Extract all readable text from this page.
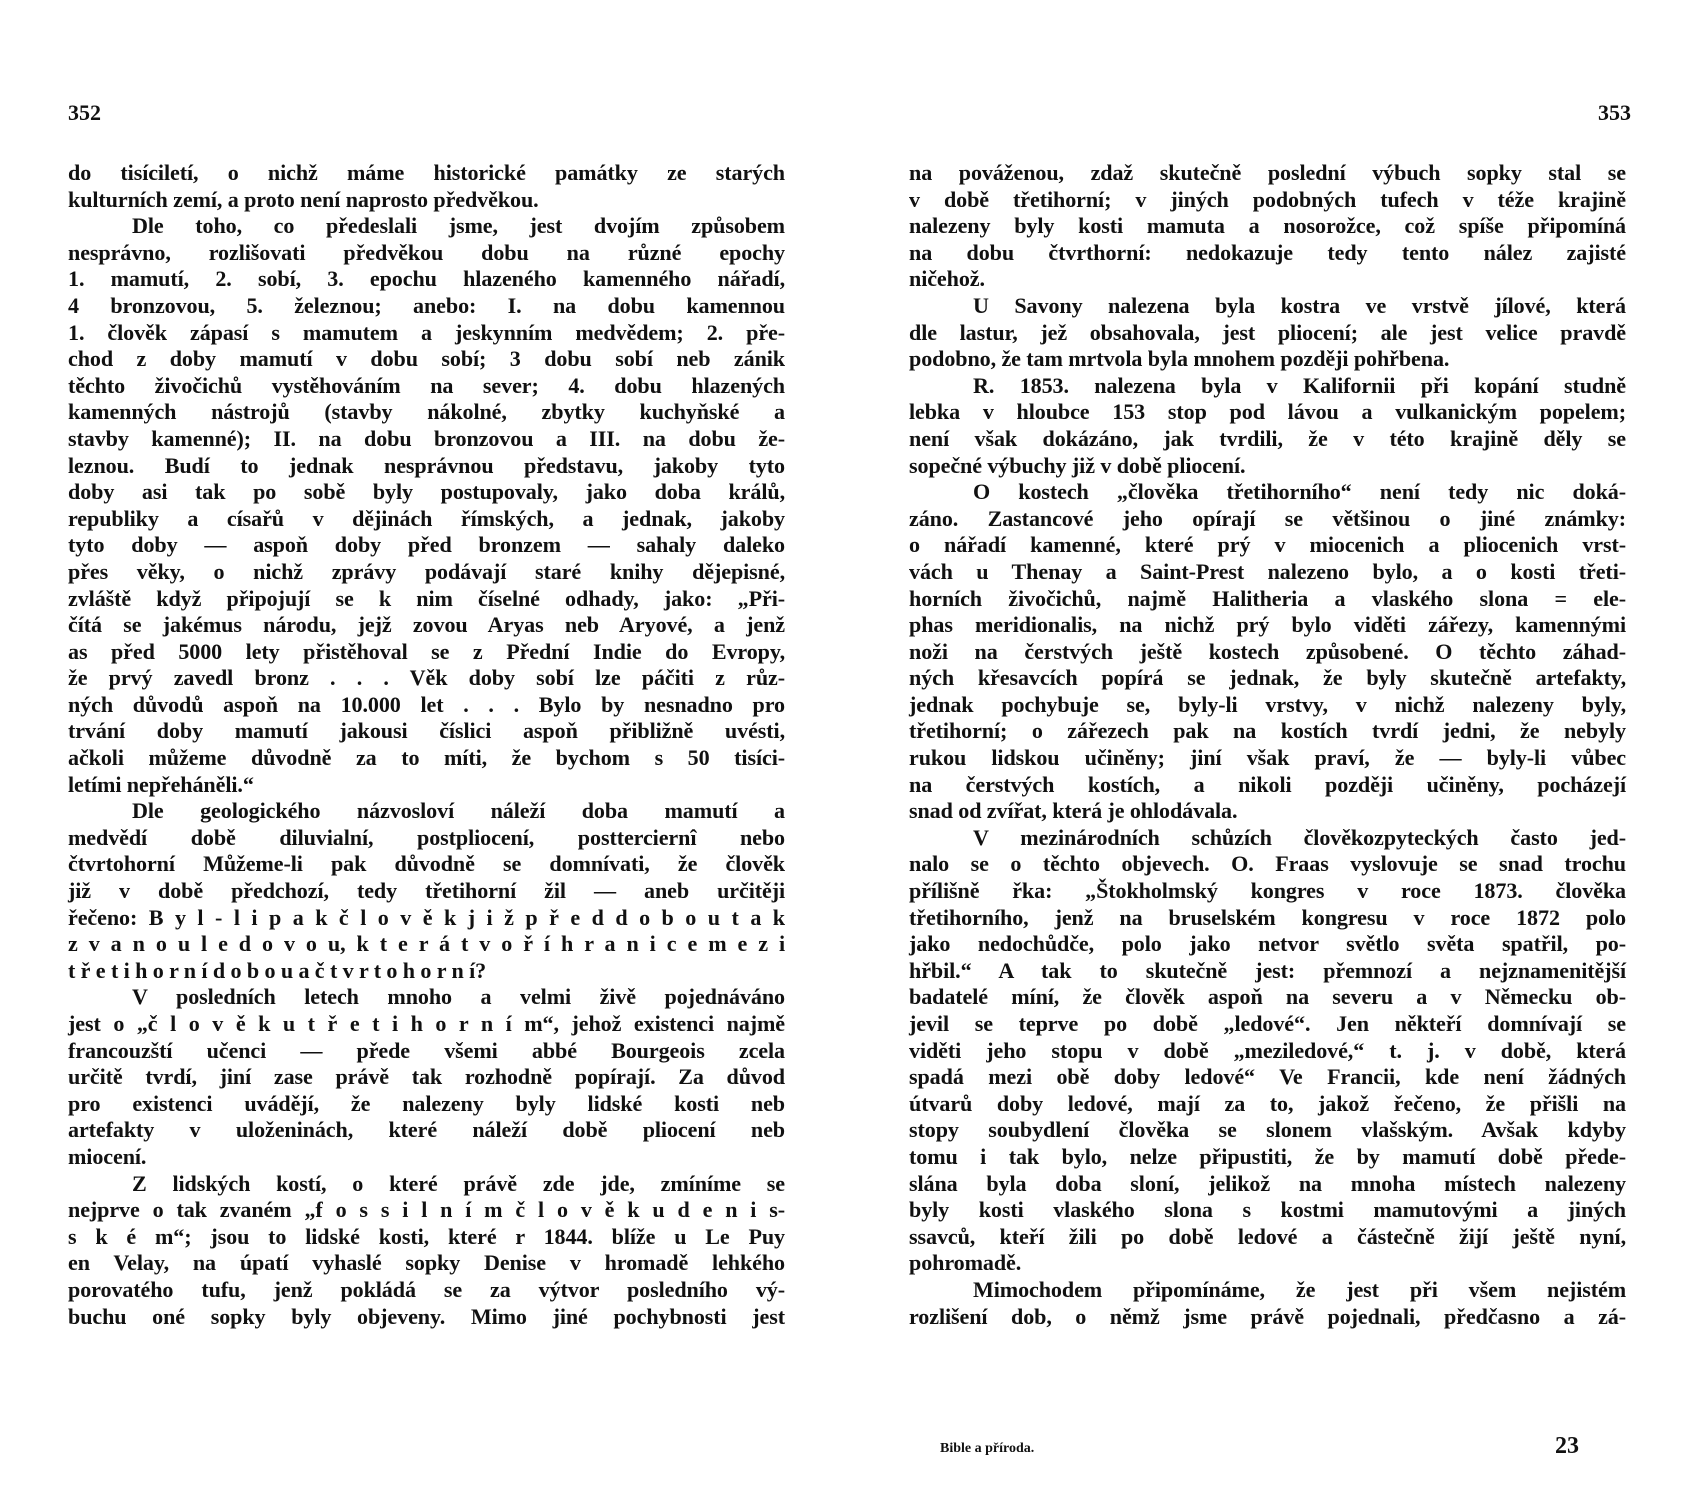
352
do tisíciletí, o nichž máme historické památky ze starých
kulturních zemí, a proto není naprosto předvěkou.
Dle toho, co předeslali jsme, jest dvojím způsobem
nesprávno, rozlišovati předvěkou dobu na různé epochy
1. mamutí, 2. sobí, 3. epochu hlazeného kamenného nářadí,
4 bronzovou, 5. železnou; anebo: I. na dobu kamennou
1. člověk zápasí s mamutem a jeskynním medvědem; 2. pře-
chod z doby mamutí v dobu sobí; 3 dobu sobí neb zánik
těchto živočichů vystěhováním na sever; 4. dobu hlazených
kamenných nástrojů (stavby nákolné, zbytky kuchyňské a
stavby kamenné); II. na dobu bronzovou a III. na dobu že-
leznou. Budí to jednak nesprávnou představu, jakoby tyto
doby asi tak po sobě byly postupovaly, jako doba králů,
republiky a císařů v dějinách římských, a jednak, jakoby
tyto doby — aspoň doby před bronzem — sahaly daleko
přes věky, o nichž zprávy podávají staré knihy dějepisné,
zvláště když připojují se k nim číselné odhady, jako: „Při-
čítá se jakémus národu, jejž zovou Aryas neb Aryové, a jenž
as před 5000 lety přistěhoval se z Přední Indie do Evropy,
že prvý zavedl bronz . . . Věk doby sobí lze páčiti z růz-
ných důvodů aspoň na 10.000 let . . . Bylo by nesnadno pro
trvání doby mamutí jakousi číslici aspoň přibližně uvésti,
ačkoli můžeme důvodně za to míti, že bychom s 50 tisíci-
letími nepřeháněli.“
Dle geologického názvosloví náleží doba mamutí a
medvědí době diluvialní, postpliocení, postterciernî nebo
čtvrtohorní Můžeme-li pak důvodně se domnívati, že člověk
již v době předchozí, tedy třetihorní žil — aneb určitěji
řečeno: B y l - l i p a k č l o v ě k j i ž p ř e d d o b o u t a k
z v a n o u l e d o v o u, k t e r á t v o ř í h r a n i c e m e z i
t ř e t i h o r n í d o b o u a č t v r t o h o r n í?
V posledních letech mnoho a velmi živě pojednáváno
jest o „č l o v ě k u t ř e t i h o r n í m“, jehož existenci najmě
francouzští učenci — přede všemi abbé Bourgeois zcela
určitě tvrdí, jiní zase právě tak rozhodně popírají. Za důvod
pro existenci uvádějí, že nalezeny byly lidské kosti neb
artefakty v uloženinách, které náleží době pliocení neb
miocení.
Z lidských kostí, o které právě zde jde, zmíníme se
nejprve o tak zvaném „f o s s i l n í m č l o v ě k u d e n i s-
s k é m“; jsou to lidské kosti, které r 1844. blíže u Le Puy
en Velay, na úpatí vyhaslé sopky Denise v hromadě lehkého
porovatého tufu, jenž pokládá se za výtvor posledního vý-
buchu oné sopky byly objeveny. Mimo jiné pochybnosti jest
353
na pováženou, zdaž skutečně poslední výbuch sopky stal se
v době třetihorní; v jiných podobných tufech v téže krajině
nalezeny byly kosti mamuta a nosorožce, což spíše připomíná
na dobu čtvrthorní: nedokazuje tedy tento nález zajisté
ničehož.
U Savony nalezena byla kostra ve vrstvě jílové, která
dle lastur, jež obsahovala, jest pliocení; ale jest velice pravdě
podobno, že tam mrtvola byla mnohem později pohřbena.
R. 1853. nalezena byla v Kalifornii při kopání studně
lebka v hloubce 153 stop pod lávou a vulkanickým popelem;
není však dokázáno, jak tvrdili, že v této krajině děly se
sopečné výbuchy již v době pliocení.
O kostech „člověka třetihorního“ není tedy nic doká-
záno. Zastancové jeho opírají se většinou o jiné známky:
o nářadí kamenné, které prý v miocenich a pliocenich vrst-
vách u Thenay a Saint-Prest nalezeno bylo, a o kosti třeti-
horních živočichů, najmě Halitheria a vlaského slona = ele-
phas meridionalis, na nichž prý bylo viděti zářezy, kamennými
noži na čerstvých ještě kostech způsobené. O těchto záhad-
ných křesavcích popírá se jednak, že byly skutečně artefakty,
jednak pochybuje se, byly-li vrstvy, v nichž nalezeny byly,
třetihorní; o zářezech pak na kostích tvrdí jedni, že nebyly
rukou lidskou učiněny; jiní však praví, že — byly-li vůbec
na čerstvých kostích, a nikoli později učiněny, pocházejí
snad od zvířat, která je ohlodávala.
V mezinárodních schůzích člověkozpyteckých často jed-
nalo se o těchto objevech. O. Fraas vyslovuje se snad trochu
přílišně řka: „Štokholmský kongres v roce 1873. člověka
třetihorního, jenž na bruselském kongresu v roce 1872 polo
jako nedochůdče, polo jako netvor světlo světa spatřil, po-
hřbil.“ A tak to skutečně jest: přemnozí a nejznamenitější
badatelé míní, že člověk aspoň na severu a v Německu ob-
jevil se teprve po době „ledové“. Jen někteří domnívají se
viděti jeho stopu v době „meziledové,“ t. j. v době, která
spadá mezi obě doby ledové“ Ve Francii, kde není žádných
útvarů doby ledové, mají za to, jakož řečeno, že přišli na
stopy soubydlení člověka se slonem vlašským. Avšak kdyby
tomu i tak bylo, nelze připustiti, že by mamutí době přede-
slána byla doba sloní, jelikož na mnoha místech nalezeny
byly kosti vlaského slona s kostmi mamutovými a jiných
ssavců, kteří žili po době ledové a částečně žijí ještě nyní,
pohromadě.
Mimochodem připomínáme, že jest při všem nejistém
rozlišení dob, o němž jsme právě pojednali, předčasno a zá-
Bible a příroda.	23
